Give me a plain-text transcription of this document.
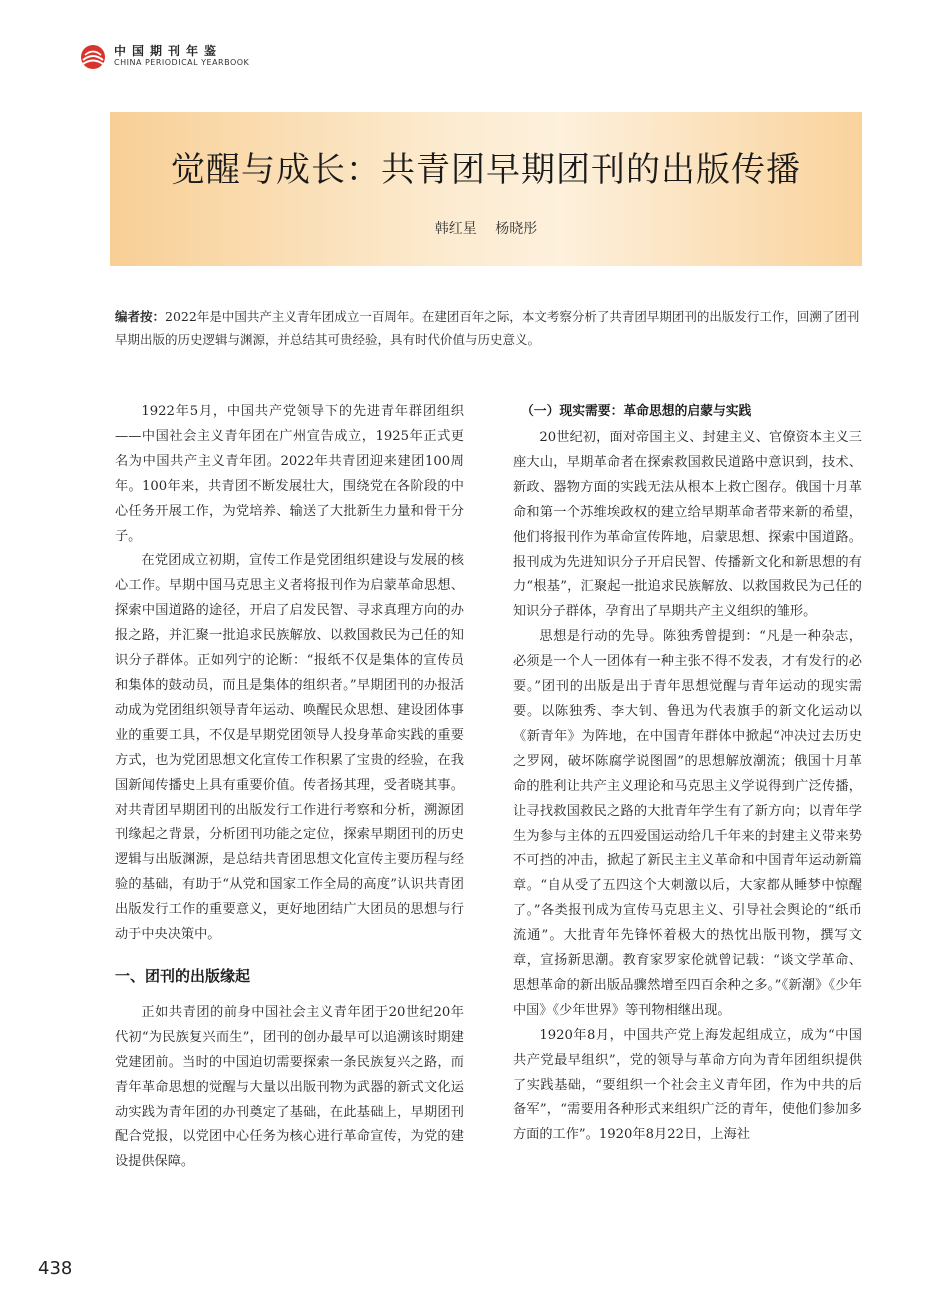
中国期刊年鉴
CHINA PERIODICAL YEARBOOK
觉醒与成长：共青团早期团刊的出版传播
韩红星 杨晓彤
编者按：2022年是中国共产主义青年团成立一百周年。在建团百年之际，本文考察分析了共青团早期团刊的出版发行工作，回溯了团刊早期出版的历史逻辑与渊源，并总结其可贵经验，具有时代价值与历史意义。

1922年5月，中国共产党领导下的先进青年群团组织——中国社会主义青年团在广州宣告成立，1925年正式更名为中国共产主义青年团。2022年共青团迎来建团100周年。100年来，共青团不断发展壮大，围绕党在各阶段的中心任务开展工作，为党培养、输送了大批新生力量和骨干分子。

在党团成立初期，宣传工作是党团组织建设与发展的核心工作。早期中国马克思主义者将报刊作为启蒙革命思想、探索中国道路的途径，开启了启发民智、寻求真理方向的办报之路，并汇聚一批追求民族解放、以救国救民为己任的知识分子群体。正如列宁的论断：“报纸不仅是集体的宣传员和集体的鼓动员，而且是集体的组织者。”早期团刊的办报活动成为党团组织领导青年运动、唤醒民众思想、建设团体事业的重要工具，不仅是早期党团领导人投身革命实践的重要方式，也为党团思想文化宣传工作积累了宝贵的经验，在我国新闻传播史上具有重要价值。传者扬其理，受者晓其事。对共青团早期团刊的出版发行工作进行考察和分析，溯源团刊缘起之背景，分析团刊功能之定位，探索早期团刊的历史逻辑与出版渊源，是总结共青团思想文化宣传主要历程与经验的基础，有助于“从党和国家工作全局的高度”认识共青团出版发行工作的重要意义，更好地团结广大团员的思想与行动于中央决策中。

一、团刊的出版缘起

正如共青团的前身中国社会主义青年团于20世纪20年代初“为民族复兴而生”，团刊的创办最早可以追溯该时期建党建团前。当时的中国迫切需要探索一条民族复兴之路，而青年革命思想的觉醒与大量以出版刊物为武器的新式文化运动实践为青年团的办刊奠定了基础，在此基础上，早期团刊配合党报，以党团中心任务为核心进行革命宣传，为党的建设提供保障。

（一）现实需要：革命思想的启蒙与实践

20世纪初，面对帝国主义、封建主义、官僚资本主义三座大山，早期革命者在探索救国救民道路中意识到，技术、新政、器物方面的实践无法从根本上救亡图存。俄国十月革命和第一个苏维埃政权的建立给早期革命者带来新的希望，他们将报刊作为革命宣传阵地，启蒙思想、探索中国道路。报刊成为先进知识分子开启民智、传播新文化和新思想的有力“根基”，汇聚起一批追求民族解放、以救国救民为己任的知识分子群体，孕育出了早期共产主义组织的雏形。

思想是行动的先导。陈独秀曾提到：“凡是一种杂志，必须是一个人一团体有一种主张不得不发表，才有发行的必要。”团刊的出版是出于青年思想觉醒与青年运动的现实需要。以陈独秀、李大钊、鲁迅为代表旗手的新文化运动以《新青年》为阵地，在中国青年群体中掀起“冲决过去历史之罗网，破坏陈腐学说图圄”的思想解放潮流；俄国十月革命的胜利让共产主义理论和马克思主义学说得到广泛传播，让寻找救国救民之路的大批青年学生有了新方向；以青年学生为参与主体的五四爱国运动给几千年来的封建主义带来势不可挡的冲击，掀起了新民主主义革命和中国青年运动新篇章。“自从受了五四这个大刺激以后，大家都从睡梦中惊醒了。”各类报刊成为宣传马克思主义、引导社会舆论的“纸币流通”。大批青年先锋怀着极大的热忱出版刊物，撰写文章，宣扬新思潮。教育家罗家伦就曾记载：“谈文学革命、思想革命的新出版品骤然增至四百余种之多。”《新潮》《少年中国》《少年世界》等刊物相继出现。

1920年8月，中国共产党上海发起组成立，成为“中国共产党最早组织”，党的领导与革命方向为青年团组织提供了实践基础，“要组织一个社会主义青年团，作为中共的后备军”，“需要用各种形式来组织广泛的青年，使他们参加多方面的工作”。1920年8月22日，上海社

438
